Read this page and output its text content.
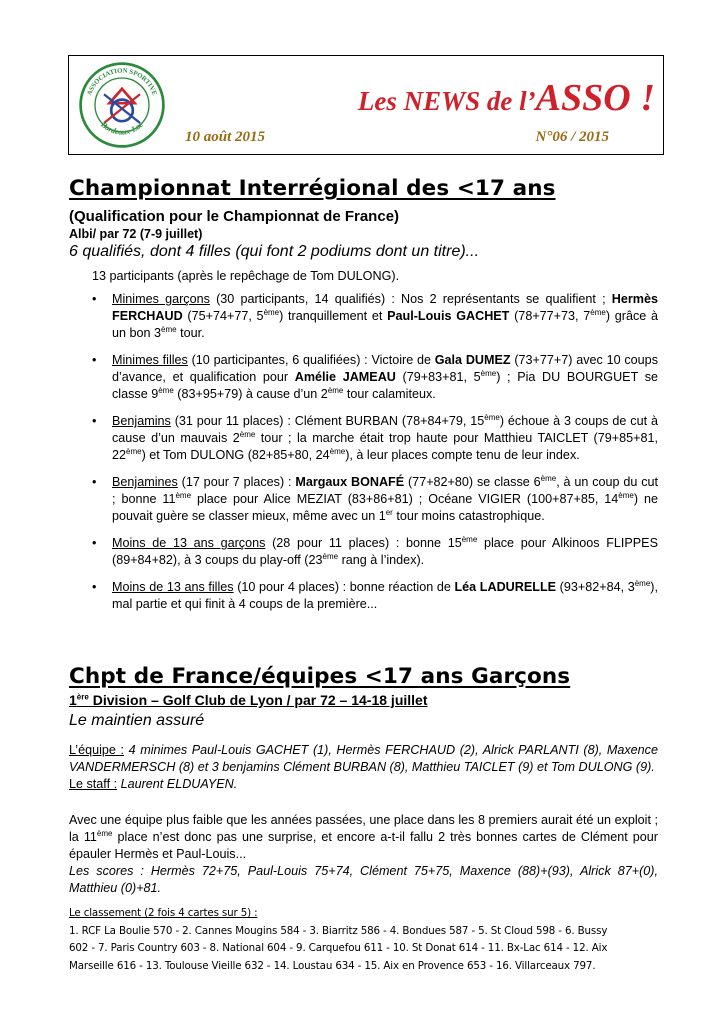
ASSOCIATION SPORTIVE
Bordeaux-Lac
Les NEWS de l’ASSO !
10 août 2015	N°06 / 2015
Championnat Interrégional des <17 ans
(Qualification pour le Championnat de France)
Albi/ par 72 (7-9 juillet)
6 qualifiés, dont 4 filles (qui font 2 podiums dont un titre)...
13 participants (après le repêchage de Tom DULONG).
• Minimes garçons (30 participants, 14 qualifiés) : Nos 2 représentants se qualifient ; Hermès FERCHAUD (75+74+77, 5ème) tranquillement et Paul-Louis GACHET (78+77+73, 7ème) grâce à un bon 3ème tour.
• Minimes filles (10 participantes, 6 qualifiées) : Victoire de Gala DUMEZ (73+77+7) avec 10 coups d’avance, et qualification pour Amélie JAMEAU (79+83+81, 5ème) ; Pia DU BOURGUET se classe 9ème (83+95+79) à cause d’un 2ème tour calamiteux.
• Benjamins (31 pour 11 places) : Clément BURBAN (78+84+79, 15ème) échoue à 3 coups de cut à cause d’un mauvais 2ème tour ; la marche était trop haute pour Matthieu TAICLET (79+85+81, 22ème) et Tom DULONG (82+85+80, 24ème), à leur places compte tenu de leur index.
• Benjamines (17 pour 7 places) : Margaux BONAFÉ (77+82+80) se classe 6ème, à un coup du cut ; bonne 11ème place pour Alice MEZIAT (83+86+81) ; Océane VIGIER (100+87+85, 14ème) ne pouvait guère se classer mieux, même avec un 1er tour moins catastrophique.
• Moins de 13 ans garçons (28 pour 11 places) : bonne 15ème place pour Alkinoos FLIPPES (89+84+82), à 3 coups du play-off (23ème rang à l’index).
• Moins de 13 ans filles (10 pour 4 places) : bonne réaction de Léa LADURELLE (93+82+84, 3ème), mal partie et qui finit à 4 coups de la première...
Chpt de France/équipes <17 ans Garçons
1ère Division – Golf Club de Lyon / par 72 – 14-18 juillet
Le maintien assuré
L’équipe : 4 minimes Paul-Louis GACHET (1), Hermès FERCHAUD (2), Alrick PARLANTI (8), Maxence VANDERMERSCH (8) et 3 benjamins Clément BURBAN (8), Matthieu TAICLET (9) et Tom DULONG (9).
Le staff : Laurent ELDUAYEN.
Avec une équipe plus faible que les années passées, une place dans les 8 premiers aurait été un exploit ; la 11ème place n’est donc pas une surprise, et encore a-t-il fallu 2 très bonnes cartes de Clément pour épauler Hermès et Paul-Louis...
Les scores : Hermès 72+75, Paul-Louis 75+74, Clément 75+75, Maxence (88)+(93), Alrick 87+(0), Matthieu (0)+81.
Le classement (2 fois 4 cartes sur 5) :
1. RCF La Boulie 570 - 2. Cannes Mougins 584 - 3. Biarritz 586 - 4. Bondues 587 - 5. St Cloud 598 - 6. Bussy
602 - 7. Paris Country 603 - 8. National 604 - 9. Carquefou 611 - 10. St Donat 614 - 11. Bx-Lac 614 - 12. Aix
Marseille 616 - 13. Toulouse Vieille 632 - 14. Loustau 634 - 15. Aix en Provence 653 - 16. Villarceaux 797.
